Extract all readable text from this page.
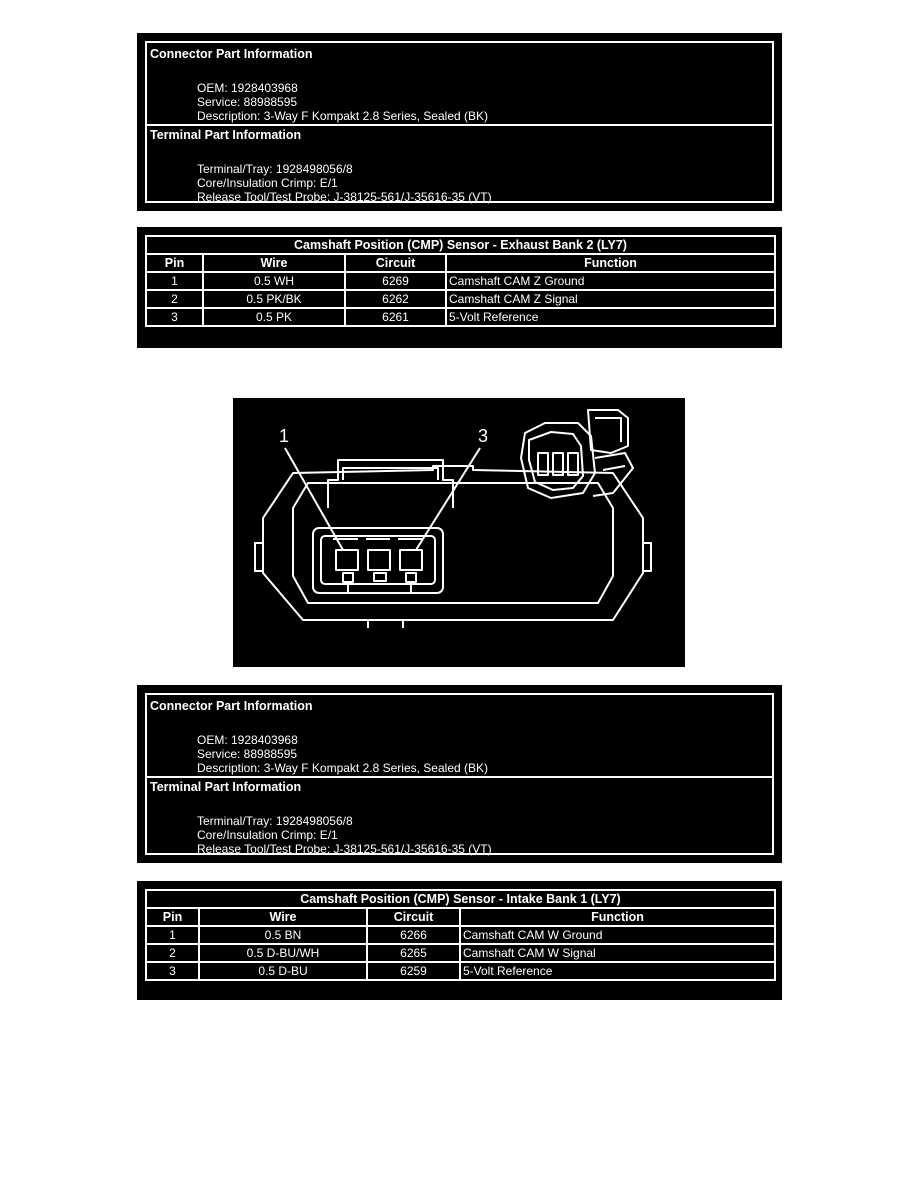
Connector Part Information
OEM: 1928403968
Service: 88988595
Description: 3-Way F Kompakt 2.8 Series, Sealed (BK)
Terminal Part Information
Terminal/Tray: 1928498056/8
Core/Insulation Crimp: E/1
Release Tool/Test Probe: J-38125-561/J-35616-35 (VT)
Camshaft Position (CMP) Sensor - Exhaust Bank 2 (LY7)			
Pin	Wire	Circuit	Function
1	0.5 WH	6269	Camshaft CAM Z Ground
2	0.5 PK/BK	6262	Camshaft CAM Z Signal
3	0.5 PK	6261	5-Volt Reference
1	3
Connector Part Information
OEM: 1928403968
Service: 88988595
Description: 3-Way F Kompakt 2.8 Series, Sealed (BK)
Terminal Part Information
Terminal/Tray: 1928498056/8
Core/Insulation Crimp: E/1
Release Tool/Test Probe: J-38125-561/J-35616-35 (VT)
Camshaft Position (CMP) Sensor - Intake Bank 1 (LY7)			
Pin	Wire	Circuit	Function
1	0.5 BN	6266	Camshaft CAM W Ground
2	0.5 D-BU/WH	6265	Camshaft CAM W Signal
3	0.5 D-BU	6259	5-Volt Reference
